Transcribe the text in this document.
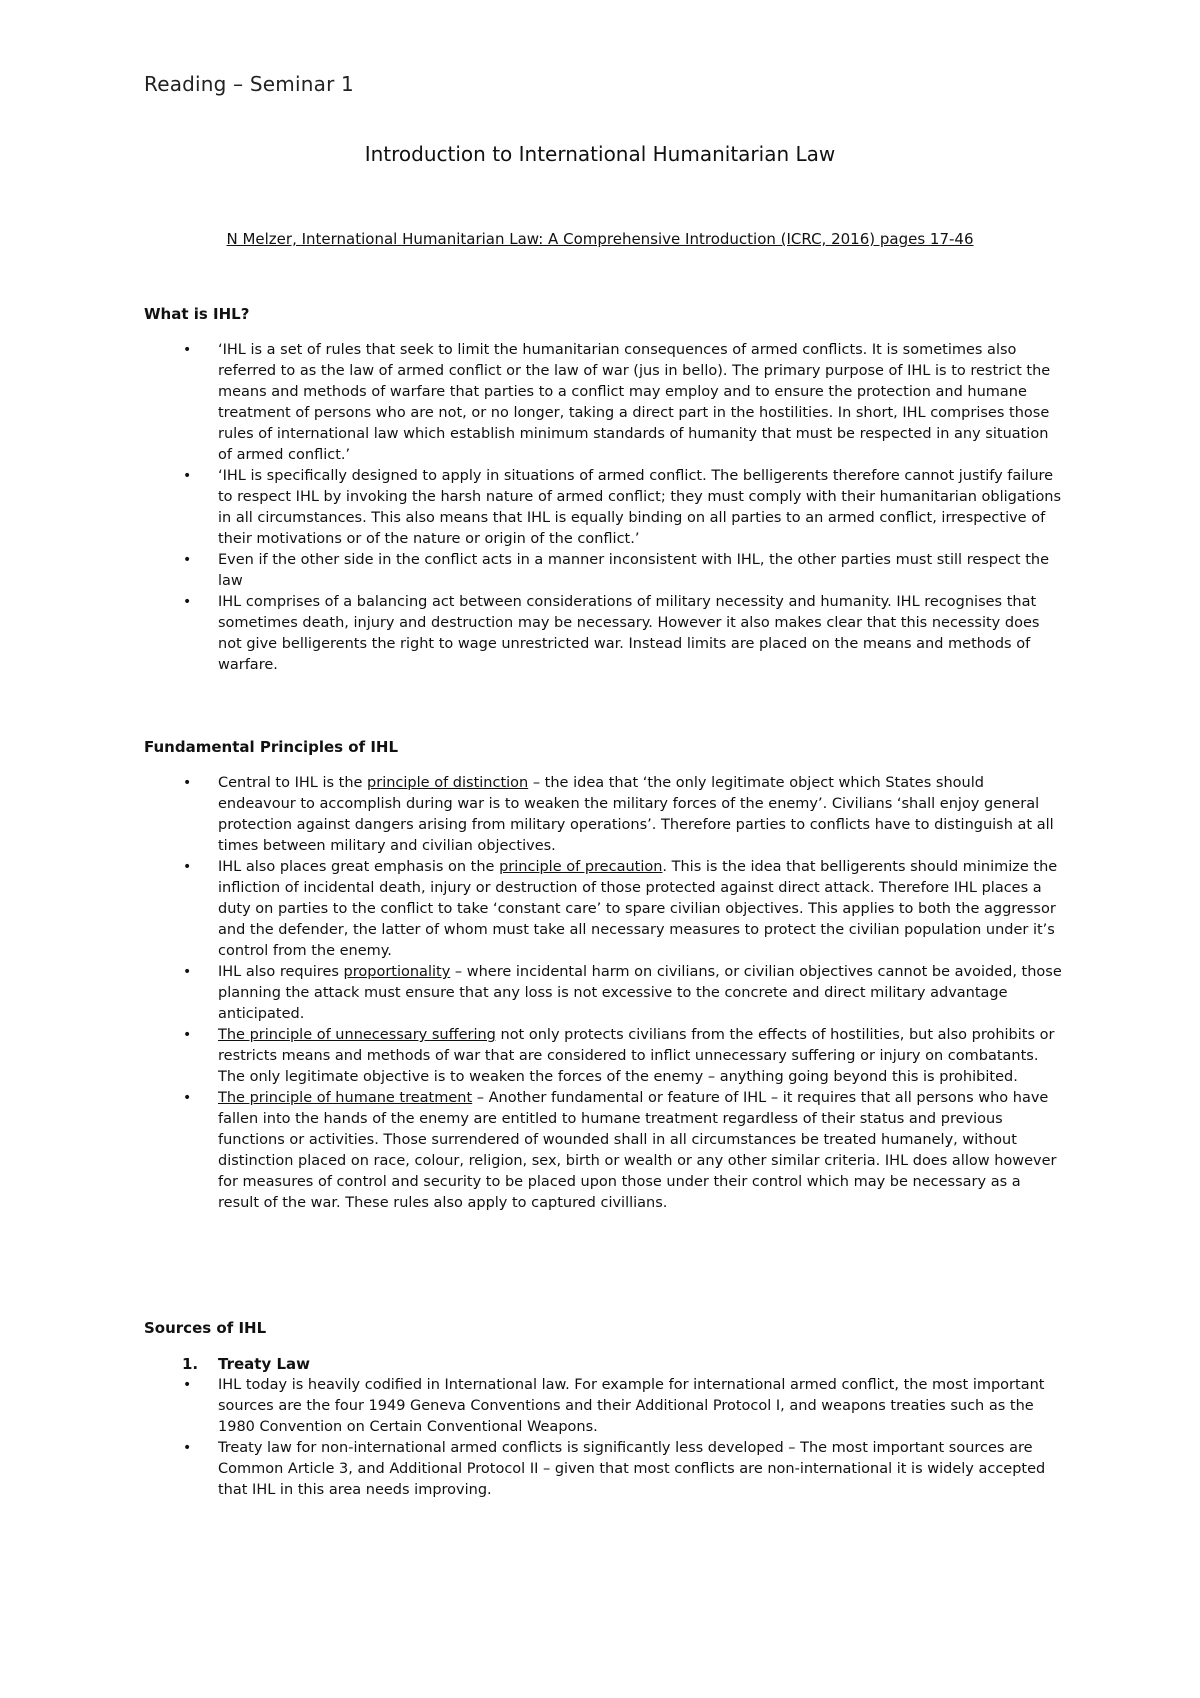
Reading – Seminar 1
Introduction to International Humanitarian Law
N Melzer, International Humanitarian Law: A Comprehensive Introduction (ICRC, 2016) pages 17-46
What is IHL?
• ‘IHL is a set of rules that seek to limit the humanitarian consequences of armed conflicts. It is sometimes also referred to as the law of armed conflict or the law of war (jus in bello). The primary purpose of IHL is to restrict the means and methods of warfare that parties to a conflict may employ and to ensure the protection and humane treatment of persons who are not, or no longer, taking a direct part in the hostilities. In short, IHL comprises those rules of international law which establish minimum standards of humanity that must be respected in any situation of armed conflict.’
• ‘IHL is specifically designed to apply in situations of armed conflict. The belligerents therefore cannot justify failure to respect IHL by invoking the harsh nature of armed conflict; they must comply with their humanitarian obligations in all circumstances. This also means that IHL is equally binding on all parties to an armed conflict, irrespective of their motivations or of the nature or origin of the conflict.’
• Even if the other side in the conflict acts in a manner inconsistent with IHL, the other parties must still respect the law
• IHL comprises of a balancing act between considerations of military necessity and humanity. IHL recognises that sometimes death, injury and destruction may be necessary. However it also makes clear that this necessity does not give belligerents the right to wage unrestricted war. Instead limits are placed on the means and methods of warfare.
Fundamental Principles of IHL
• Central to IHL is the principle of distinction – the idea that ‘the only legitimate object which States should endeavour to accomplish during war is to weaken the military forces of the enemy’. Civilians ‘shall enjoy general protection against dangers arising from military operations’. Therefore parties to conflicts have to distinguish at all times between military and civilian objectives.
• IHL also places great emphasis on the principle of precaution. This is the idea that belligerents should minimize the infliction of incidental death, injury or destruction of those protected against direct attack. Therefore IHL places a duty on parties to the conflict to take ‘constant care’ to spare civilian objectives. This applies to both the aggressor and the defender, the latter of whom must take all necessary measures to protect the civilian population under it’s control from the enemy.
• IHL also requires proportionality – where incidental harm on civilians, or civilian objectives cannot be avoided, those planning the attack must ensure that any loss is not excessive to the concrete and direct military advantage anticipated.
• The principle of unnecessary suffering not only protects civilians from the effects of hostilities, but also prohibits or restricts means and methods of war that are considered to inflict unnecessary suffering or injury on combatants. The only legitimate objective is to weaken the forces of the enemy – anything going beyond this is prohibited.
• The principle of humane treatment – Another fundamental or feature of IHL – it requires that all persons who have fallen into the hands of the enemy are entitled to humane treatment regardless of their status and previous functions or activities. Those surrendered of wounded shall in all circumstances be treated humanely, without distinction placed on race, colour, religion, sex, birth or wealth or any other similar criteria. IHL does allow however for measures of control and security to be placed upon those under their control which may be necessary as a result of the war. These rules also apply to captured civillians.
Sources of IHL
1. Treaty Law
• IHL today is heavily codified in International law. For example for international armed conflict, the most important sources are the four 1949 Geneva Conventions and their Additional Protocol I, and weapons treaties such as the 1980 Convention on Certain Conventional Weapons.
• Treaty law for non-international armed conflicts is significantly less developed – The most important sources are Common Article 3, and Additional Protocol II – given that most conflicts are non-international it is widely accepted that IHL in this area needs improving.
